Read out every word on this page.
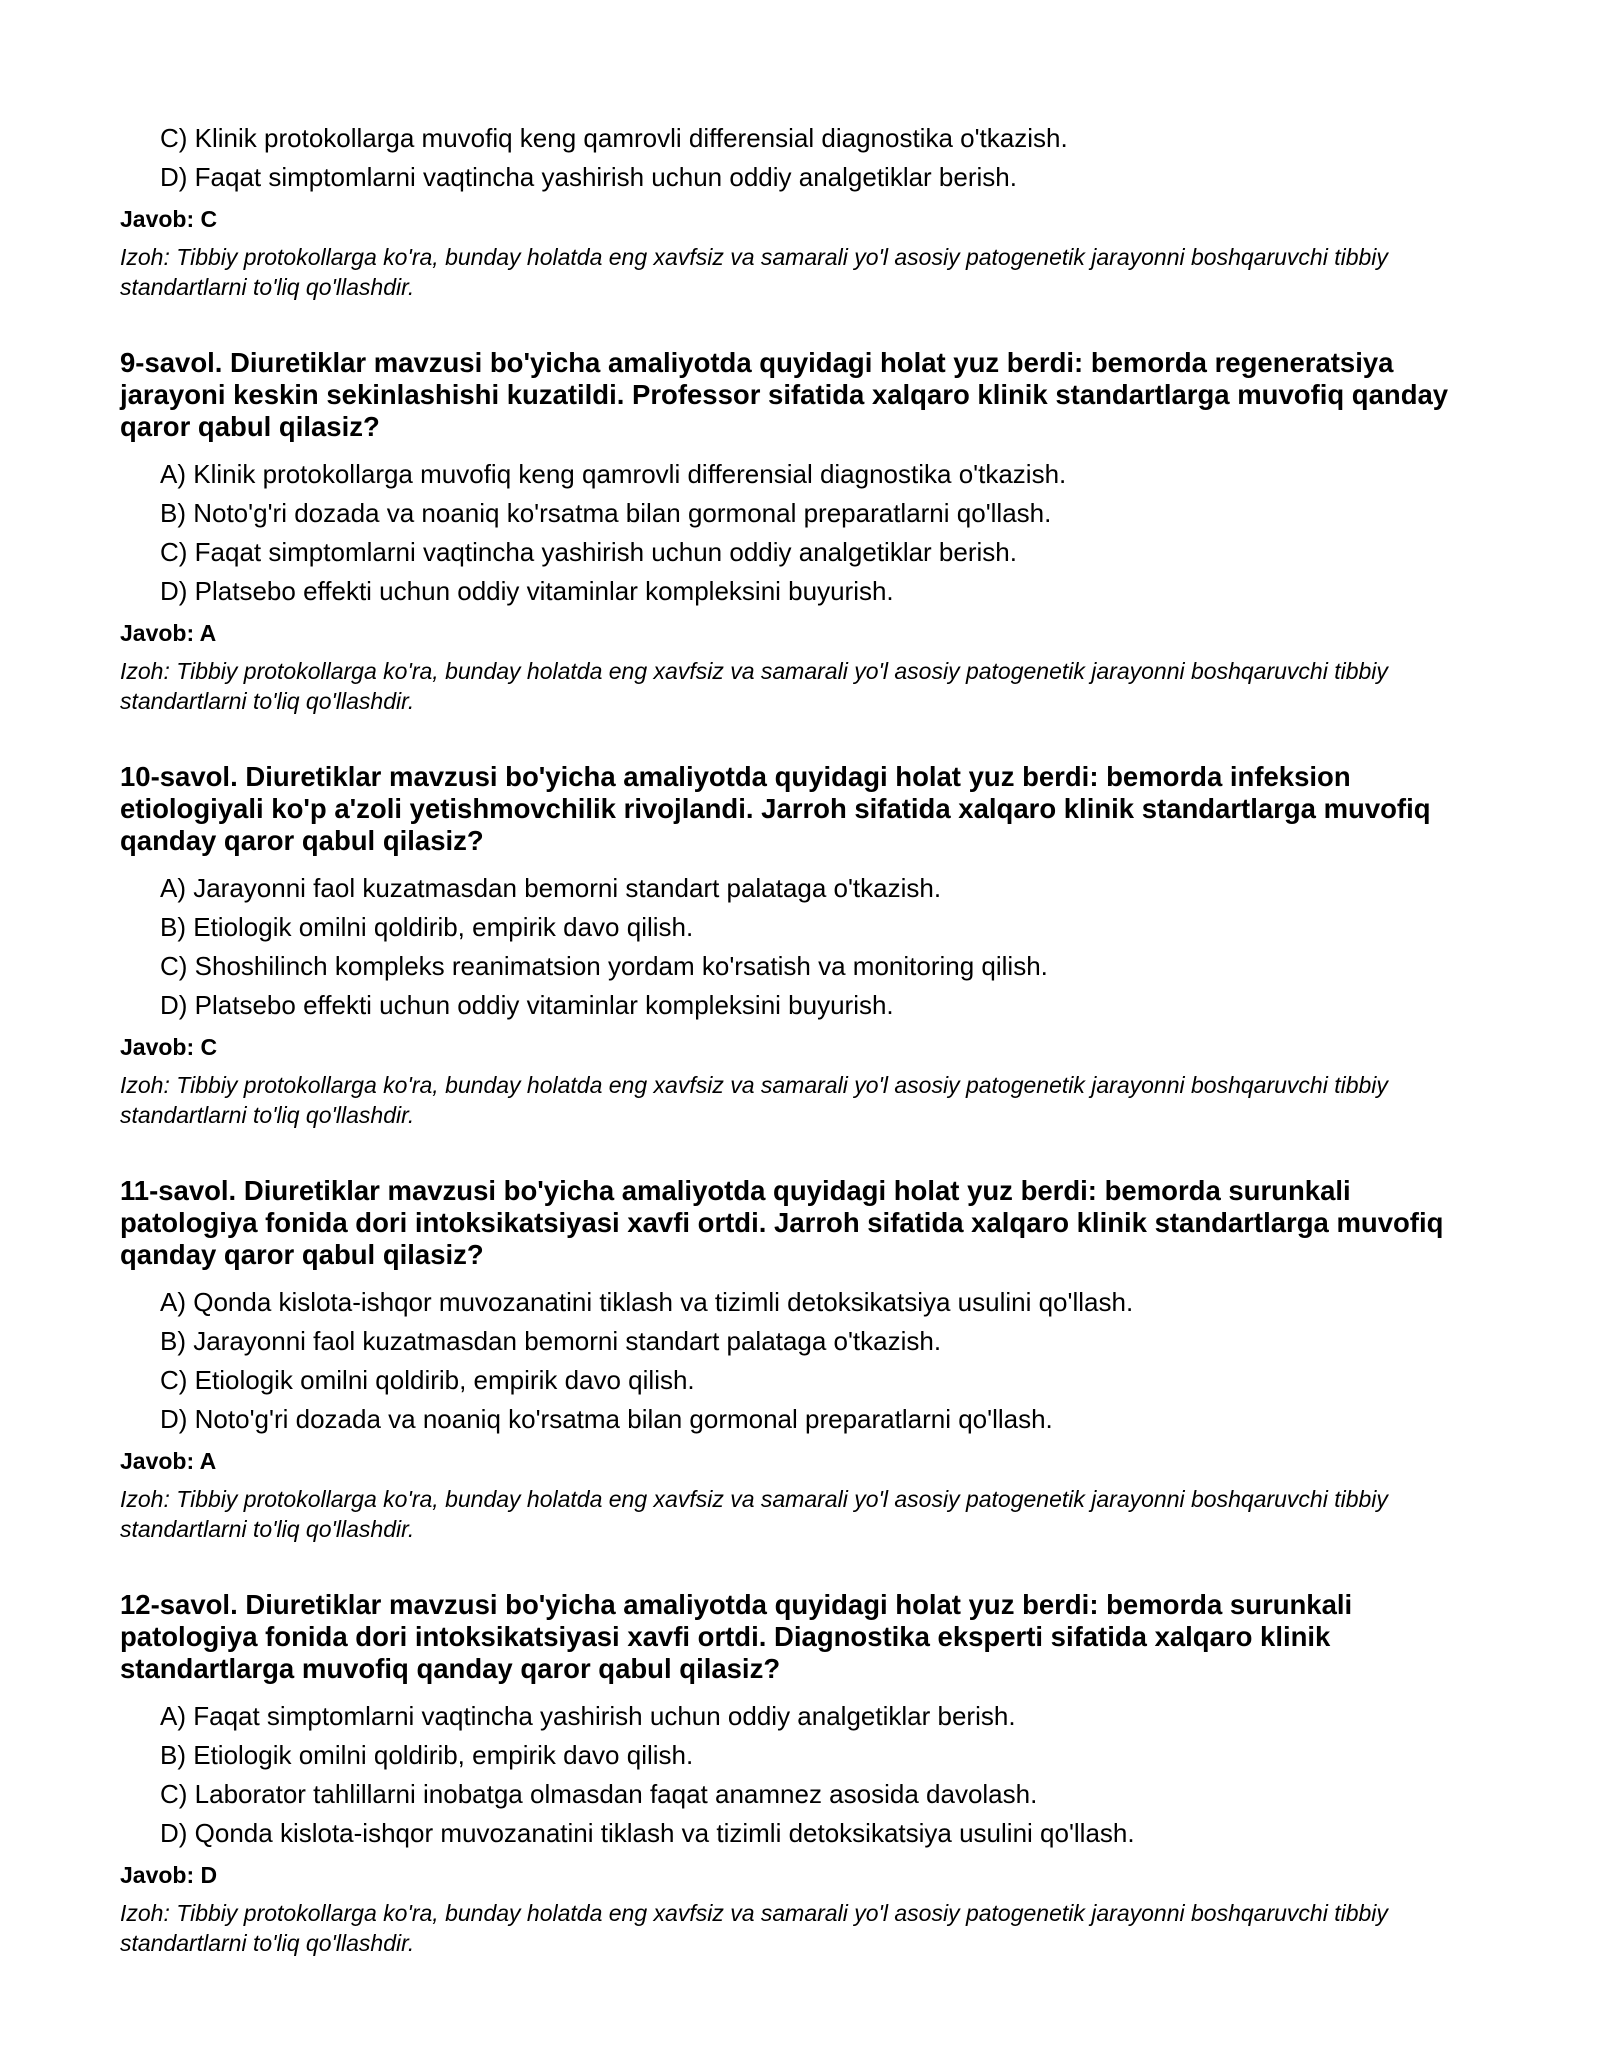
C) Klinik protokollarga muvofiq keng qamrovli differensial diagnostika o'tkazish.
D) Faqat simptomlarni vaqtincha yashirish uchun oddiy analgetiklar berish.
Javob: C
Izoh: Tibbiy protokollarga ko'ra, bunday holatda eng xavfsiz va samarali yo'l asosiy patogenetik jarayonni boshqaruvchi tibbiy standartlarni to'liq qo'llashdir.
9-savol. Diuretiklar mavzusi bo'yicha amaliyotda quyidagi holat yuz berdi: bemorda regeneratsiya jarayoni keskin sekinlashishi kuzatildi. Professor sifatida xalqaro klinik standartlarga muvofiq qanday qaror qabul qilasiz?
A) Klinik protokollarga muvofiq keng qamrovli differensial diagnostika o'tkazish.
B) Noto'g'ri dozada va noaniq ko'rsatma bilan gormonal preparatlarni qo'llash.
C) Faqat simptomlarni vaqtincha yashirish uchun oddiy analgetiklar berish.
D) Platsebo effekti uchun oddiy vitaminlar kompleksini buyurish.
Javob: A
Izoh: Tibbiy protokollarga ko'ra, bunday holatda eng xavfsiz va samarali yo'l asosiy patogenetik jarayonni boshqaruvchi tibbiy standartlarni to'liq qo'llashdir.
10-savol. Diuretiklar mavzusi bo'yicha amaliyotda quyidagi holat yuz berdi: bemorda infeksion etiologiyali ko'p a'zoli yetishmovchilik rivojlandi. Jarroh sifatida xalqaro klinik standartlarga muvofiq qanday qaror qabul qilasiz?
A) Jarayonni faol kuzatmasdan bemorni standart palataga o'tkazish.
B) Etiologik omilni qoldirib, empirik davo qilish.
C) Shoshilinch kompleks reanimatsion yordam ko'rsatish va monitoring qilish.
D) Platsebo effekti uchun oddiy vitaminlar kompleksini buyurish.
Javob: C
Izoh: Tibbiy protokollarga ko'ra, bunday holatda eng xavfsiz va samarali yo'l asosiy patogenetik jarayonni boshqaruvchi tibbiy standartlarni to'liq qo'llashdir.
11-savol. Diuretiklar mavzusi bo'yicha amaliyotda quyidagi holat yuz berdi: bemorda surunkali patologiya fonida dori intoksikatsiyasi xavfi ortdi. Jarroh sifatida xalqaro klinik standartlarga muvofiq qanday qaror qabul qilasiz?
A) Qonda kislota-ishqor muvozanatini tiklash va tizimli detoksikatsiya usulini qo'llash.
B) Jarayonni faol kuzatmasdan bemorni standart palataga o'tkazish.
C) Etiologik omilni qoldirib, empirik davo qilish.
D) Noto'g'ri dozada va noaniq ko'rsatma bilan gormonal preparatlarni qo'llash.
Javob: A
Izoh: Tibbiy protokollarga ko'ra, bunday holatda eng xavfsiz va samarali yo'l asosiy patogenetik jarayonni boshqaruvchi tibbiy standartlarni to'liq qo'llashdir.
12-savol. Diuretiklar mavzusi bo'yicha amaliyotda quyidagi holat yuz berdi: bemorda surunkali patologiya fonida dori intoksikatsiyasi xavfi ortdi. Diagnostika eksperti sifatida xalqaro klinik standartlarga muvofiq qanday qaror qabul qilasiz?
A) Faqat simptomlarni vaqtincha yashirish uchun oddiy analgetiklar berish.
B) Etiologik omilni qoldirib, empirik davo qilish.
C) Laborator tahlillarni inobatga olmasdan faqat anamnez asosida davolash.
D) Qonda kislota-ishqor muvozanatini tiklash va tizimli detoksikatsiya usulini qo'llash.
Javob: D
Izoh: Tibbiy protokollarga ko'ra, bunday holatda eng xavfsiz va samarali yo'l asosiy patogenetik jarayonni boshqaruvchi tibbiy standartlarni to'liq qo'llashdir.
